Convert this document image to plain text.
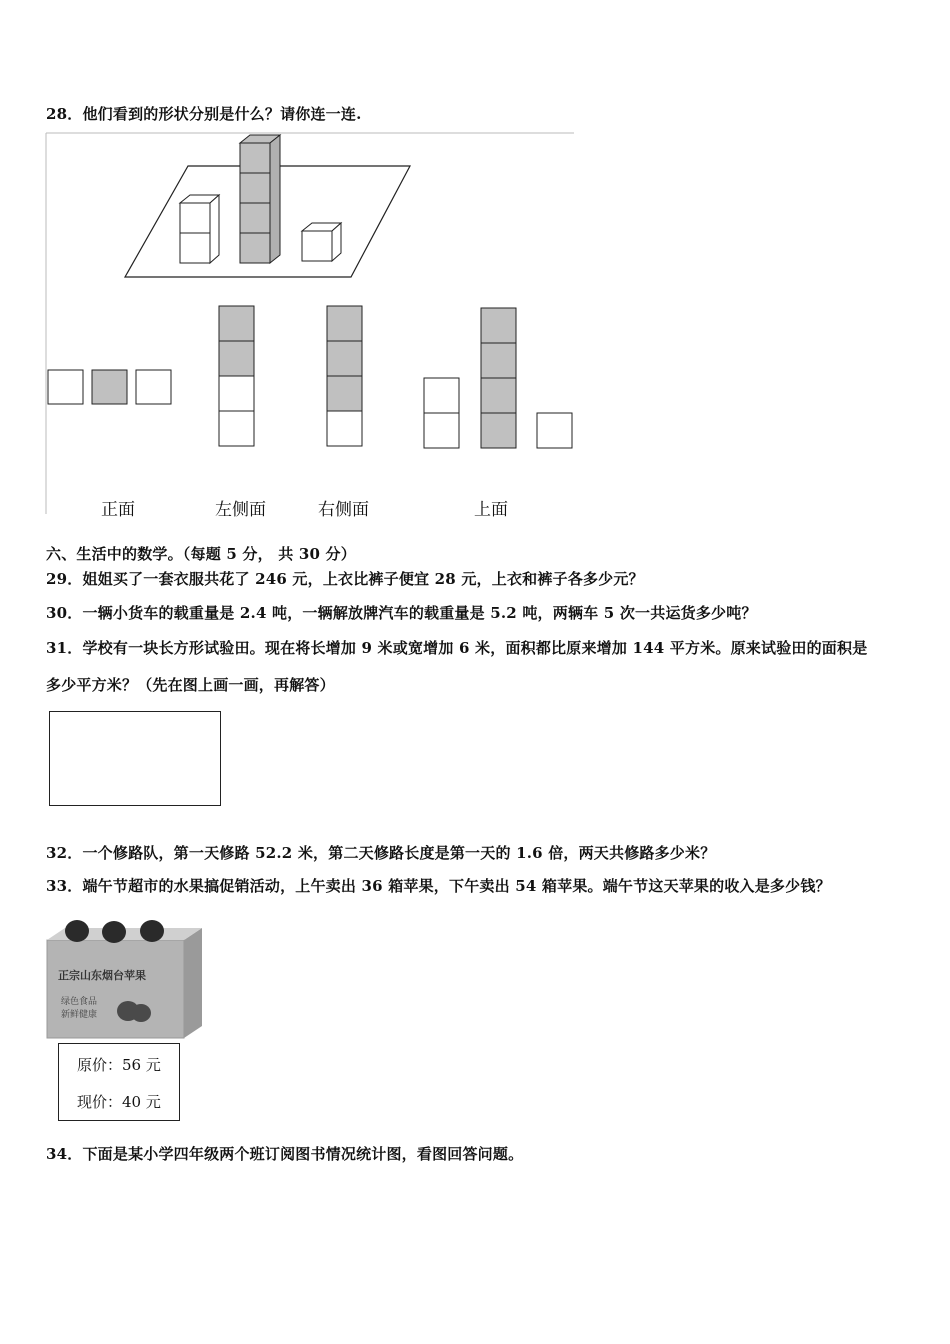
28．他们看到的形状分别是什么？请你连一连.
正面	左侧面	右侧面	上面
六、生活中的数学。（每题 5 分， 共 30 分）
29．姐姐买了一套衣服共花了 246 元，上衣比裤子便宜 28 元，上衣和裤子各多少元？
30．一辆小货车的载重量是 2.4 吨，一辆解放牌汽车的载重量是 5.2 吨，两辆车 5 次一共运货多少吨？
31．学校有一块长方形试验田。现在将长增加 9 米或宽增加 6 米，面积都比原来增加 144 平方米。原来试验田的面积是
多少平方米？（先在图上画一画，再解答）
32．一个修路队，第一天修路 52.2 米，第二天修路长度是第一天的 1.6 倍，两天共修路多少米？
33．端午节超市的水果搞促销活动，上午卖出 36 箱苹果，下午卖出 54 箱苹果。端午节这天苹果的收入是多少钱？
正宗山东烟台苹果
绿色食品
新鲜健康
原价：56 元
现价：40 元
34．下面是某小学四年级两个班订阅图书情况统计图，看图回答问题。
